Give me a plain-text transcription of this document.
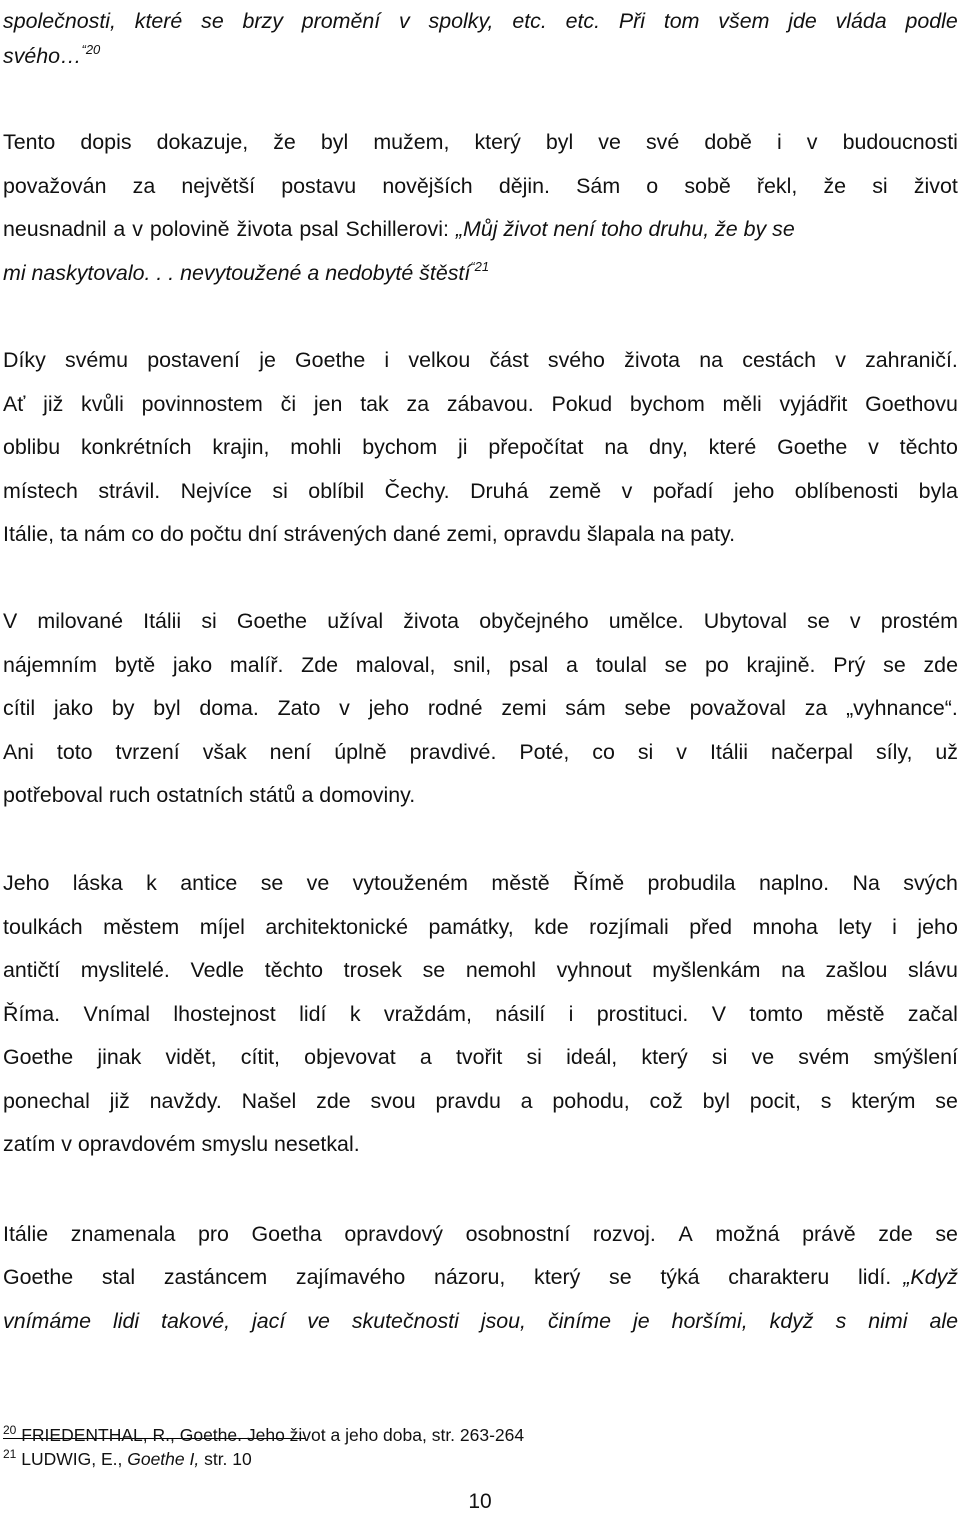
společnosti, které se brzy promění v spolky, etc. etc. Při tom všem jde vláda podle
svého…$^{“20}$
Tento dopis dokazuje, že byl mužem, který byl ve své době i v budoucnosti
považován za největší postavu novějších dějin. Sám o sobě řekl, že si život
neusnadnil a v polovině života psal Schillerovi: „Můj život není toho druhu, že by se
mi naskytovalo. . . nevytoužené a nedobyté štěstí$^{“21}$
Díky svému postavení je Goethe i velkou část svého života na cestách v zahraničí.
Ať již kvůli povinnostem či jen tak za zábavou. Pokud bychom měli vyjádřit Goethovu
oblibu konkrétních krajin, mohli bychom ji přepočítat na dny, které Goethe v těchto
místech strávil. Nejvíce si oblíbil Čechy. Druhá země v pořadí jeho oblíbenosti byla
Itálie, ta nám co do počtu dní strávených dané zemi, opravdu šlapala na paty.
V milované Itálii si Goethe užíval života obyčejného umělce. Ubytoval se v prostém
nájemním bytě jako malíř. Zde maloval, snil, psal a toulal se po krajině. Prý se zde
cítil jako by byl doma. Zato v jeho rodné zemi sám sebe považoval za „vyhnance“.
Ani toto tvrzení však není úplně pravdivé. Poté, co si v Itálii načerpal síly, už
potřeboval ruch ostatních států a domoviny.
Jeho láska k antice se ve vytouženém městě Římě probudila naplno. Na svých
toulkách městem míjel architektonické památky, kde rozjímali před mnoha lety i jeho
antičtí myslitelé. Vedle těchto trosek se nemohl vyhnout myšlenkám na zašlou slávu
Říma. Vnímal lhostejnost lidí k vraždám, násilí i prostituci. V tomto městě začal
Goethe jinak vidět, cítit, objevovat a tvořit si ideál, který si ve svém smýšlení
ponechal již navždy. Našel zde svou pravdu a pohodu, což byl pocit, s kterým se
zatím v opravdovém smyslu nesetkal.
Itálie znamenala pro Goetha opravdový osobnostní rozvoj. A možná právě zde se
Goethe stal zastáncem zajímavého názoru, který se týká charakteru lidí. „Když
vnímáme lidi takové, jací ve skutečnosti jsou, činíme je horšími, když s nimi ale
$^{20}$ FRIEDENTHAL, R., Goethe. Jeho život a jeho doba, str. 263-264
$^{21}$ LUDWIG, E., Goethe I, str. 10
10
